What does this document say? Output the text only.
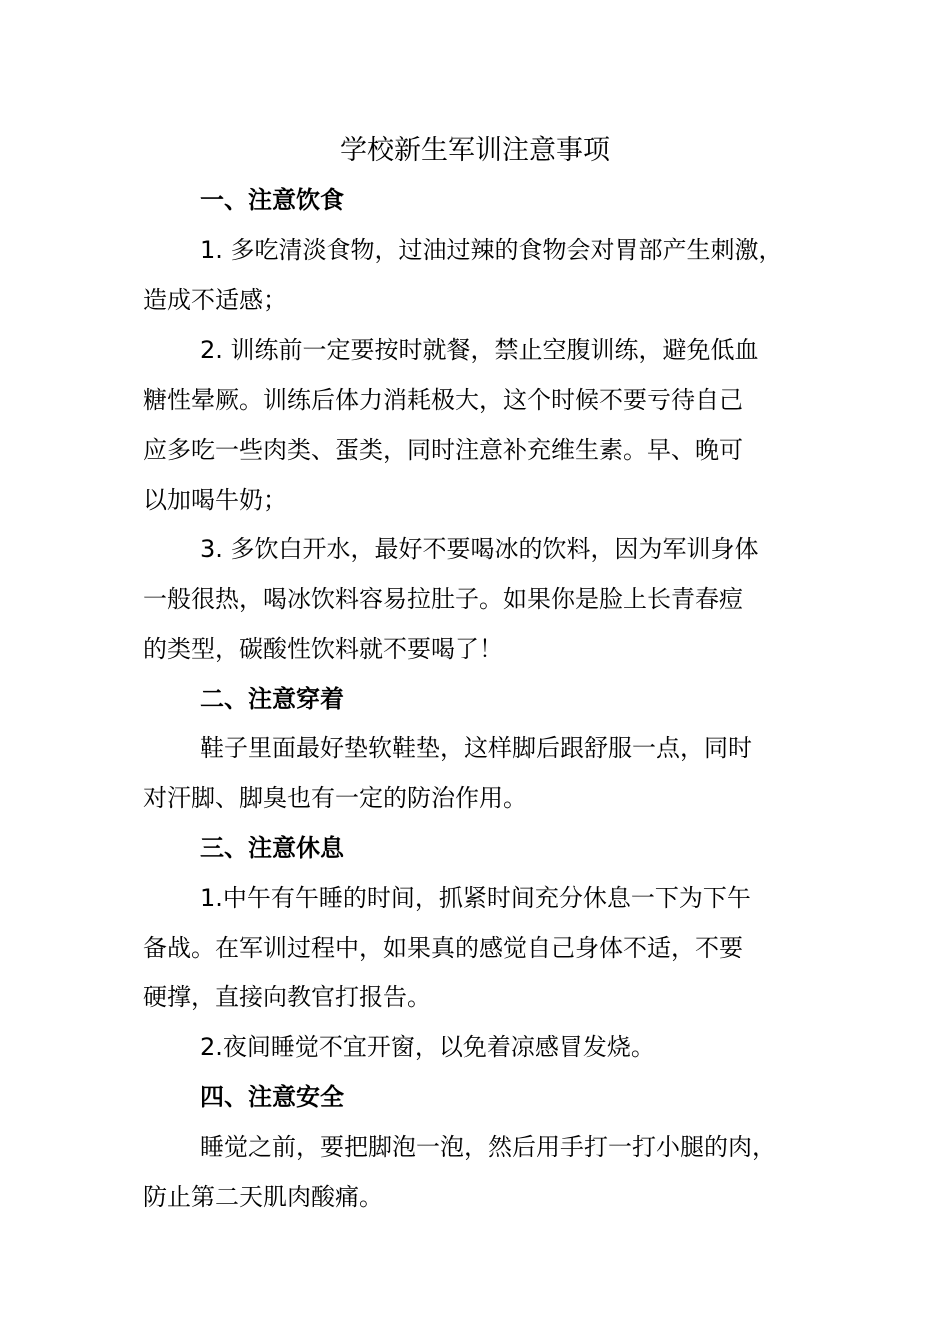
学校新生军训注意事项
一、注意饮食
1. 多吃清淡食物，过油过辣的食物会对胃部产生刺激，
造成不适感；
2. 训练前一定要按时就餐，禁止空腹训练，避免低血
糖性晕厥。训练后体力消耗极大，这个时候不要亏待自己
应多吃一些肉类、蛋类，同时注意补充维生素。早、晚可
以加喝牛奶；
3. 多饮白开水，最好不要喝冰的饮料，因为军训身体
一般很热，喝冰饮料容易拉肚子。如果你是脸上长青春痘
的类型，碳酸性饮料就不要喝了！
二、注意穿着
鞋子里面最好垫软鞋垫，这样脚后跟舒服一点，同时
对汗脚、脚臭也有一定的防治作用。
三、注意休息
1.中午有午睡的时间，抓紧时间充分休息一下为下午
备战。在军训过程中，如果真的感觉自己身体不适，不要
硬撑，直接向教官打报告。
2.夜间睡觉不宜开窗，以免着凉感冒发烧。
四、注意安全
睡觉之前，要把脚泡一泡，然后用手打一打小腿的肉，
防止第二天肌肉酸痛。
